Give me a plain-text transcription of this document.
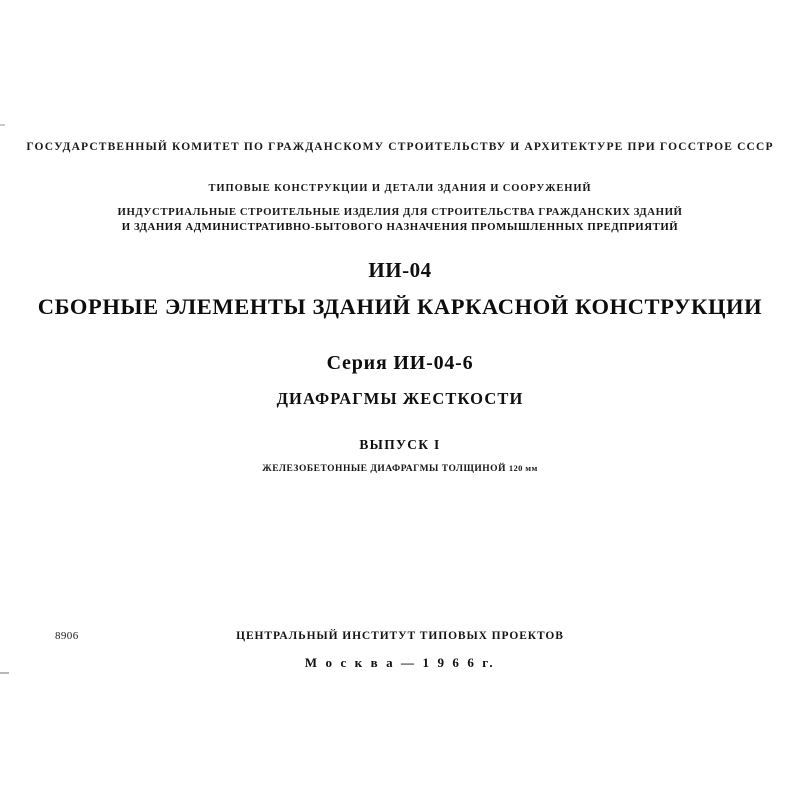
ГОСУДАРСТВЕННЫЙ КОМИТЕТ ПО ГРАЖДАНСКОМУ СТРОИТЕЛЬСТВУ И АРХИТЕКТУРЕ ПРИ ГОССТРОЕ СССР
ТИПОВЫЕ КОНСТРУКЦИИ И ДЕТАЛИ ЗДАНИЯ И СООРУЖЕНИЙ
ИНДУСТРИАЛЬНЫЕ СТРОИТЕЛЬНЫЕ ИЗДЕЛИЯ ДЛЯ СТРОИТЕЛЬСТВА ГРАЖДАНСКИХ ЗДАНИЙ
И ЗДАНИЯ АДМИНИСТРАТИВНО-БЫТОВОГО НАЗНАЧЕНИЯ ПРОМЫШЛЕННЫХ ПРЕДПРИЯТИЙ
ИИ-04
СБОРНЫЕ ЭЛЕМЕНТЫ ЗДАНИЙ КАРКАСНОЙ КОНСТРУКЦИИ
Серия ИИ-04-6
ДИАФРАГМЫ ЖЕСТКОСТИ
ВЫПУСК I
ЖЕЛЕЗОБЕТОННЫЕ ДИАФРАГМЫ ТОЛЩИНОЙ 120 мм
8906	ЦЕНТРАЛЬНЫЙ ИНСТИТУТ ТИПОВЫХ ПРОЕКТОВ
М о с к в а — 1 9 6 6 г.
